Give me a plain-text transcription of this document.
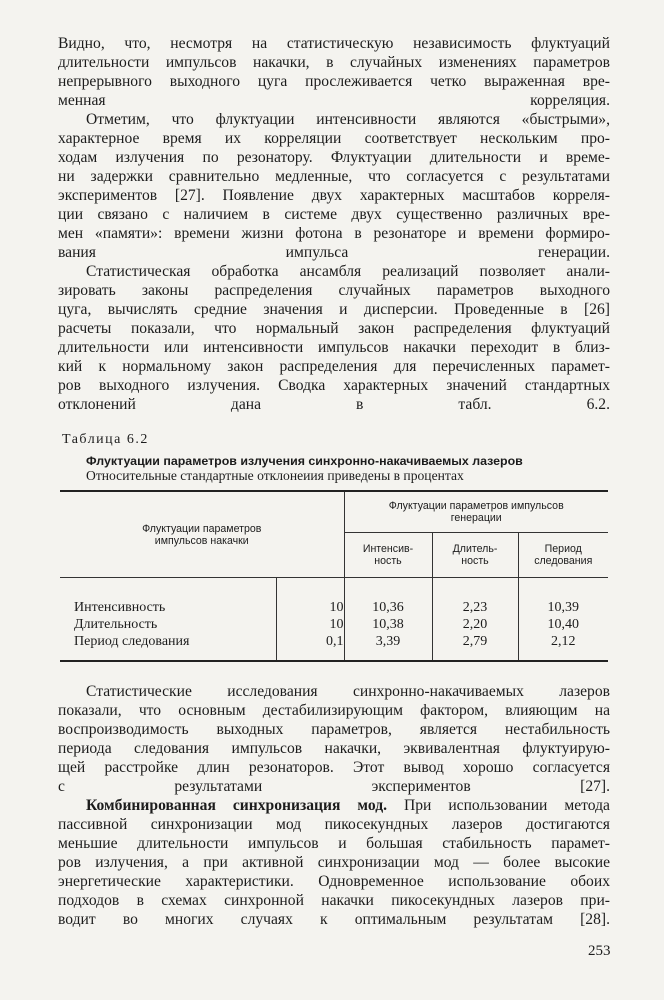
Видно, что, несмотря на статистическую независимость флуктуаций
длительности импульсов накачки, в случайных изменениях параметров
непрерывного выходного цуга прослеживается четко выраженная вре-
менная корреляция.

Отметим, что флуктуации интенсивности являются «быстрыми»,
характерное время их корреляции соответствует нескольким про-
ходам излучения по резонатору. Флуктуации длительности и време-
ни задержки сравнительно медленные, что согласуется с результатами
экспериментов [27]. Появление двух характерных масштабов корреля-
ции связано с наличием в системе двух существенно различных вре-
мен «памяти»: времени жизни фотона в резонаторе и времени формиро-
вания импульса генерации.

Статистическая обработка ансамбля реализаций позволяет анали-
зировать законы распределения случайных параметров выходного
цуга, вычислять средние значения и дисперсии. Проведенные в [26]
расчеты показали, что нормальный закон распределения флуктуаций
длительности или интенсивности импульсов накачки переходит в близ-
кий к нормальному закон распределения для перечисленных парамет-
ров выходного излучения. Сводка характерных значений стандартных
отклонений дана в табл. 6.2.

Таблица 6.2
Флуктуации параметров излучения синхронно-накачиваемых лазеров
Относительные стандартные отклонеиия приведены в процентах
Флуктуации параметров
импульсов накачки		Флуктуации параметров импульсов
генерации		
		Интенсив-
ность	Длитель-
ность	Период
следования
Интенсивность	10	10,36	2,23	10,39
Длительность	10	10,38	2,20	10,40
Период следования	0,1	3,39	2,79	2,12

Статистические исследования синхронно-накачиваемых лазеров
показали, что основным дестабилизирующим фактором, влияющим на
воспроизводимость выходных параметров, является нестабильность
периода следования импульсов накачки, эквивалентная флуктуирую-
щей расстройке длин резонаторов. Этот вывод хорошо согласуется
с результатами экспериментов [27].

Комбинированная синхронизация мод. При использовании метода
пассивной синхронизации мод пикосекундных лазеров достигаются
меньшие длительности импульсов и большая стабильность парамет-
ров излучения, а при активной синхронизации мод — более высокие
энергетические характеристики. Одновременное использование обоих
подходов в схемах синхронной накачки пикосекундных лазеров при-
водит во многих случаях к оптимальным результатам [28].

253
